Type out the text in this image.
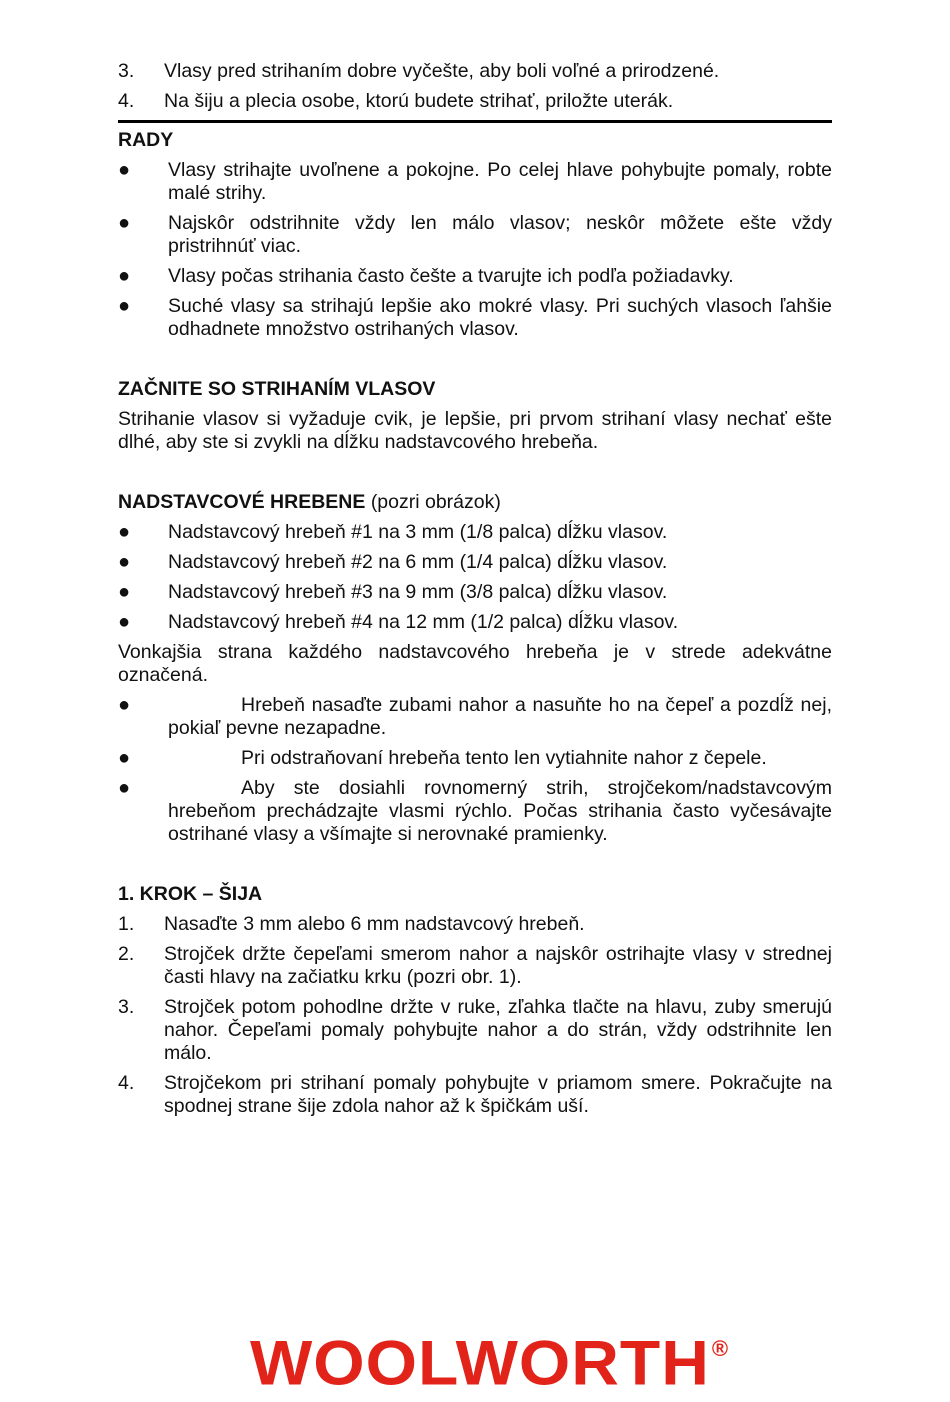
3.	Vlasy pred strihaním dobre vyčešte, aby boli voľné a prirodzené.
4.	Na šiju a plecia osobe, ktorú budete strihať, priložte uterák.
RADY
●	Vlasy strihajte uvoľnene a pokojne. Po celej hlave pohybujte pomaly, robte malé strihy.
●	Najskôr odstrihnite vždy len málo vlasov; neskôr môžete ešte vždy pristrihnúť viac.
●	Vlasy počas strihania často češte a tvarujte ich podľa požiadavky.
●	Suché vlasy sa strihajú lepšie ako mokré vlasy. Pri suchých vlasoch ľahšie odhadnete množstvo ostrihaných vlasov.
ZAČNITE SO STRIHANÍM VLASOV
Strihanie vlasov si vyžaduje cvik, je lepšie, pri prvom strihaní vlasy nechať ešte dlhé, aby ste si zvykli na dĺžku nadstavcového hrebeňa.
NADSTAVCOVÉ HREBENE (pozri obrázok)
●	Nadstavcový hrebeň #1 na 3 mm (1/8 palca) dĺžku vlasov.
●	Nadstavcový hrebeň #2 na 6 mm (1/4 palca) dĺžku vlasov.
●	Nadstavcový hrebeň #3 na 9 mm (3/8 palca) dĺžku vlasov.
●	Nadstavcový hrebeň #4 na 12 mm (1/2 palca) dĺžku vlasov.
Vonkajšia strana každého nadstavcového hrebeňa je v strede adekvátne označená.
●	Hrebeň nasaďte zubami nahor a nasuňte ho na čepeľ a pozdĺž nej, pokiaľ pevne nezapadne.
●	Pri odstraňovaní hrebeňa tento len vytiahnite nahor z čepele.
●	Aby ste dosiahli rovnomerný strih, strojčekom/nadstavcovým hrebeňom prechádzajte vlasmi rýchlo. Počas strihania často vyčesávajte ostrihané vlasy a všímajte si nerovnaké pramienky.
1. KROK – ŠIJA
1.	Nasaďte 3 mm alebo 6 mm nadstavcový hrebeň.
2.	Strojček držte čepeľami smerom nahor a najskôr ostrihajte vlasy v strednej časti hlavy na začiatku krku (pozri obr. 1).
3.	Strojček potom pohodlne držte v ruke, zľahka tlačte na hlavu, zuby smerujú nahor. Čepeľami pomaly pohybujte nahor a do strán, vždy odstrihnite len málo.
4.	Strojčekom pri strihaní pomaly pohybujte v priamom smere. Pokračujte na spodnej strane šije zdola nahor až k špičkám uší.
WOOLWORTH ®
